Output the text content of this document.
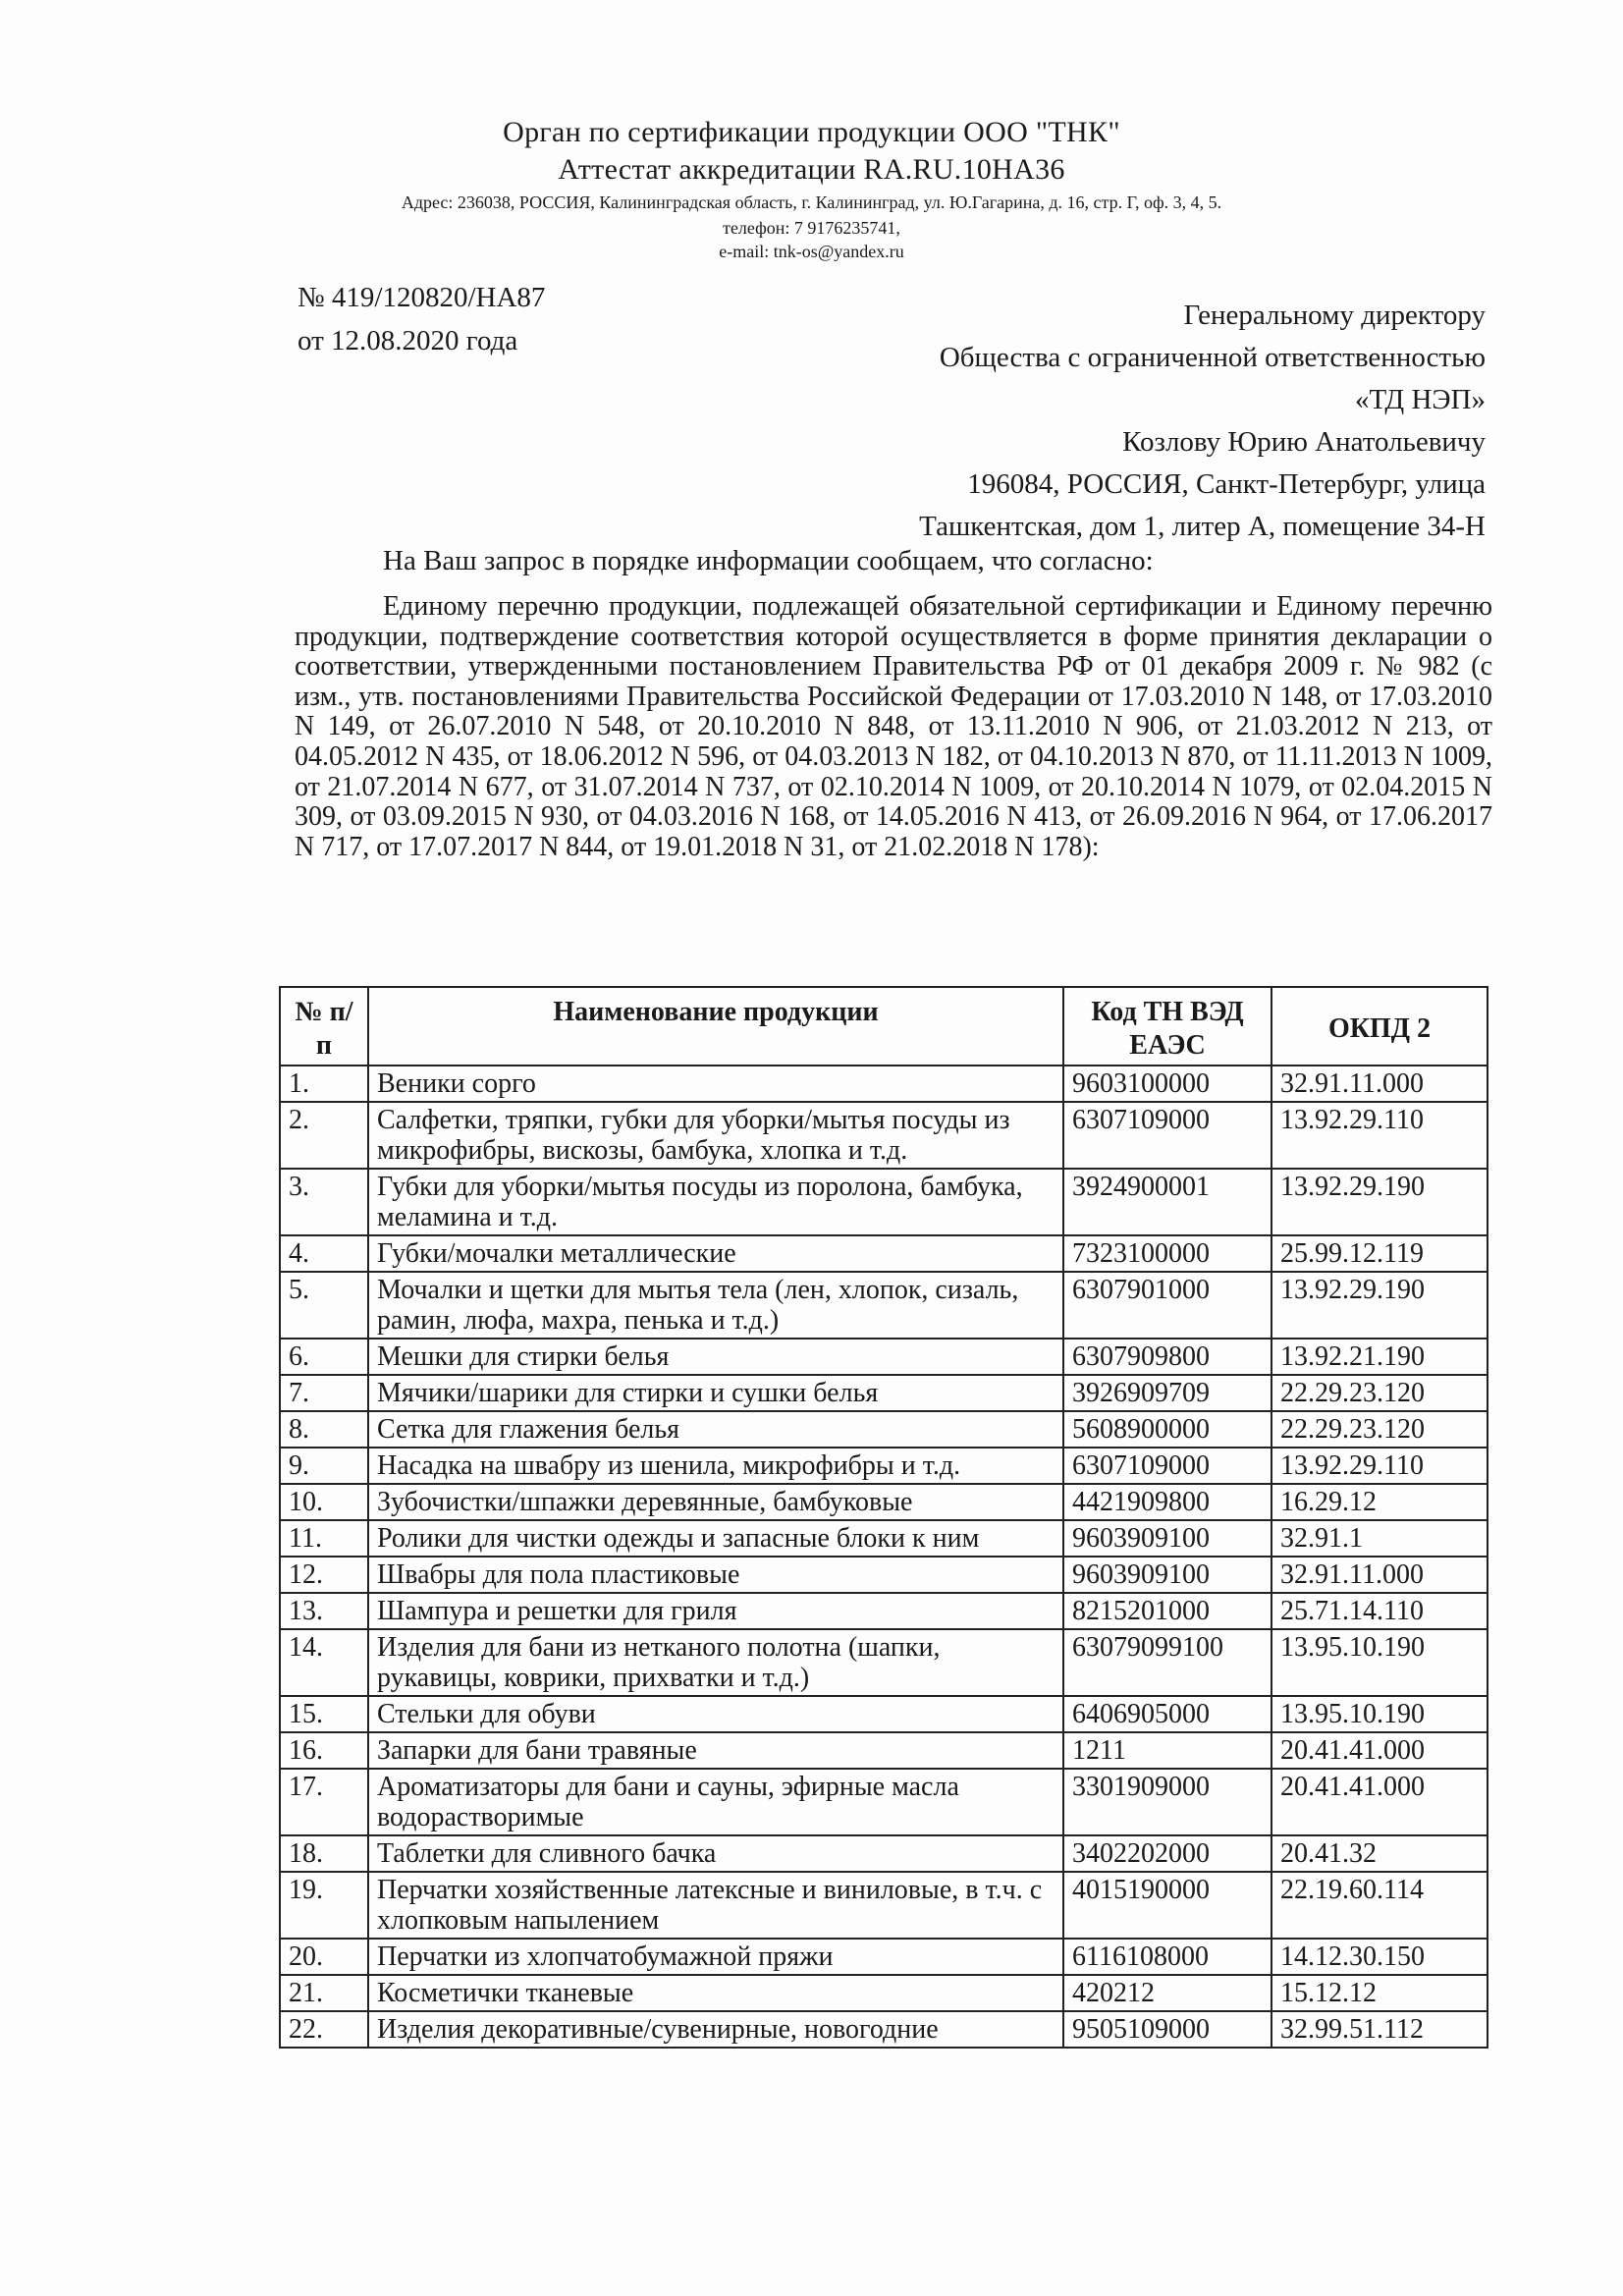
Орган по сертификации продукции ООО "ТНК"
Аттестат аккредитации RA.RU.10НА36
Адрес: 236038, РОССИЯ, Калининградская область, г. Калининград, ул. Ю.Гагарина, д. 16, стр. Г, оф. 3, 4, 5.
телефон: 7 9176235741,
e-mail: tnk-os@yandex.ru
№ 419/120820/НА87
от 12.08.2020 года
Генеральному директору
Общества с ограниченной ответственностью
«ТД НЭП»
Козлову Юрию Анатольевичу
196084, РОССИЯ, Санкт-Петербург, улица
Ташкентская, дом 1, литер А, помещение 34-Н
На Ваш запрос в порядке информации сообщаем, что согласно:
Единому перечню продукции, подлежащей обязательной сертификации и Единому перечню продукции, подтверждение соответствия которой осуществляется в форме принятия декларации о соответствии, утвержденными постановлением Правительства РФ от 01 декабря 2009 г. № 982 (с изм., утв. постановлениями Правительства Российской Федерации от 17.03.2010 N 148, от 17.03.2010 N 149, от 26.07.2010 N 548, от 20.10.2010 N 848, от 13.11.2010 N 906, от 21.03.2012 N 213, от 04.05.2012 N 435, от 18.06.2012 N 596, от 04.03.2013 N 182, от 04.10.2013 N 870, от 11.11.2013 N 1009, от 21.07.2014 N 677, от 31.07.2014 N 737, от 02.10.2014 N 1009, от 20.10.2014 N 1079, от 02.04.2015 N 309, от 03.09.2015 N 930, от 04.03.2016 N 168, от 14.05.2016 N 413, от 26.09.2016 N 964, от 17.06.2017 N 717, от 17.07.2017 N 844, от 19.01.2018 N 31, от 21.02.2018 N 178):
№ п/п	Наименование продукции	Код ТН ВЭД ЕАЭС	ОКПД 2
1.	Веники сорго	9603100000	32.91.11.000
2.	Салфетки, тряпки, губки для уборки/мытья посуды из микрофибры, вискозы, бамбука, хлопка и т.д.	6307109000	13.92.29.110
3.	Губки для уборки/мытья посуды из поролона, бамбука, меламина и т.д.	3924900001	13.92.29.190
4.	Губки/мочалки металлические	7323100000	25.99.12.119
5.	Мочалки и щетки для мытья тела (лен, хлопок, сизаль, рамин, люфа, махра, пенька и т.д.)	6307901000	13.92.29.190
6.	Мешки для стирки белья	6307909800	13.92.21.190
7.	Мячики/шарики для стирки и сушки белья	3926909709	22.29.23.120
8.	Сетка для глажения белья	5608900000	22.29.23.120
9.	Насадка на швабру из шенила, микрофибры и т.д.	6307109000	13.92.29.110
10.	Зубочистки/шпажки деревянные, бамбуковые	4421909800	16.29.12
11.	Ролики для чистки одежды и запасные блоки к ним	9603909100	32.91.1
12.	Швабры для пола пластиковые	9603909100	32.91.11.000
13.	Шампура и решетки для гриля	8215201000	25.71.14.110
14.	Изделия для бани из нетканого полотна (шапки, рукавицы, коврики, прихватки и т.д.)	63079099100	13.95.10.190
15.	Стельки для обуви	6406905000	13.95.10.190
16.	Запарки для бани травяные	1211	20.41.41.000
17.	Ароматизаторы для бани и сауны, эфирные масла водорастворимые	3301909000	20.41.41.000
18.	Таблетки для сливного бачка	3402202000	20.41.32
19.	Перчатки хозяйственные латексные и виниловые, в т.ч. с хлопковым напылением	4015190000	22.19.60.114
20.	Перчатки из хлопчатобумажной пряжи	6116108000	14.12.30.150
21.	Косметички тканевые	420212	15.12.12
22.	Изделия декоративные/сувенирные, новогодние	9505109000	32.99.51.112
